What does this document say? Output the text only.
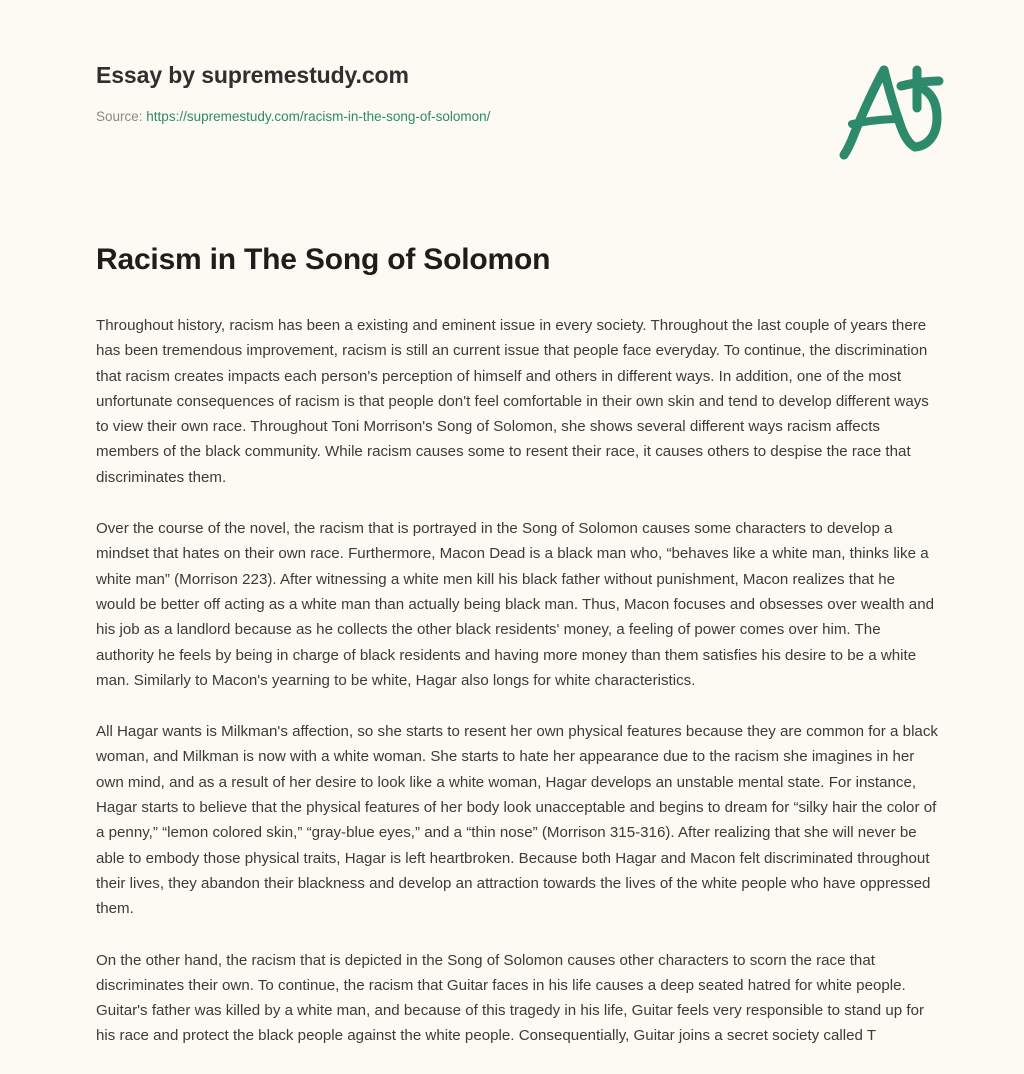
Essay by supremestudy.com
Source: https://supremestudy.com/racism-in-the-song-of-solomon/
Racism in The Song of Solomon

Throughout history, racism has been a existing and eminent issue in every society. Throughout the last couple of years there has been tremendous improvement, racism is still an current issue that people face everyday. To continue, the discrimination that racism creates impacts each person's perception of himself and others in different ways. In addition, one of the most unfortunate consequences of racism is that people don't feel comfortable in their own skin and tend to develop different ways to view their own race. Throughout Toni Morrison's Song of Solomon, she shows several different ways racism affects members of the black community. While racism causes some to resent their race, it causes others to despise the race that discriminates them.

Over the course of the novel, the racism that is portrayed in the Song of Solomon causes some characters to develop a mindset that hates on their own race. Furthermore, Macon Dead is a black man who, “behaves like a white man, thinks like a white man” (Morrison 223). After witnessing a white men kill his black father without punishment, Macon realizes that he would be better off acting as a white man than actually being black man. Thus, Macon focuses and obsesses over wealth and his job as a landlord because as he collects the other black residents' money, a feeling of power comes over him. The authority he feels by being in charge of black residents and having more money than them satisfies his desire to be a white man. Similarly to Macon's yearning to be white, Hagar also longs for white characteristics.

All Hagar wants is Milkman's affection, so she starts to resent her own physical features because they are common for a black woman, and Milkman is now with a white woman. She starts to hate her appearance due to the racism she imagines in her own mind, and as a result of her desire to look like a white woman, Hagar develops an unstable mental state. For instance, Hagar starts to believe that the physical features of her body look unacceptable and begins to dream for “silky hair the color of a penny,” “lemon colored skin,” “gray-blue eyes,” and a “thin nose” (Morrison 315-316). After realizing that she will never be able to embody those physical traits, Hagar is left heartbroken. Because both Hagar and Macon felt discriminated throughout their lives, they abandon their blackness and develop an attraction towards the lives of the white people who have oppressed them.

On the other hand, the racism that is depicted in the Song of Solomon causes other characters to scorn the race that discriminates their own. To continue, the racism that Guitar faces in his life causes a deep seated hatred for white people. Guitar's father was killed by a white man, and because of this tragedy in his life, Guitar feels very responsible to stand up for his race and protect the black people against the white people. Consequentially, Guitar joins a secret society called T
